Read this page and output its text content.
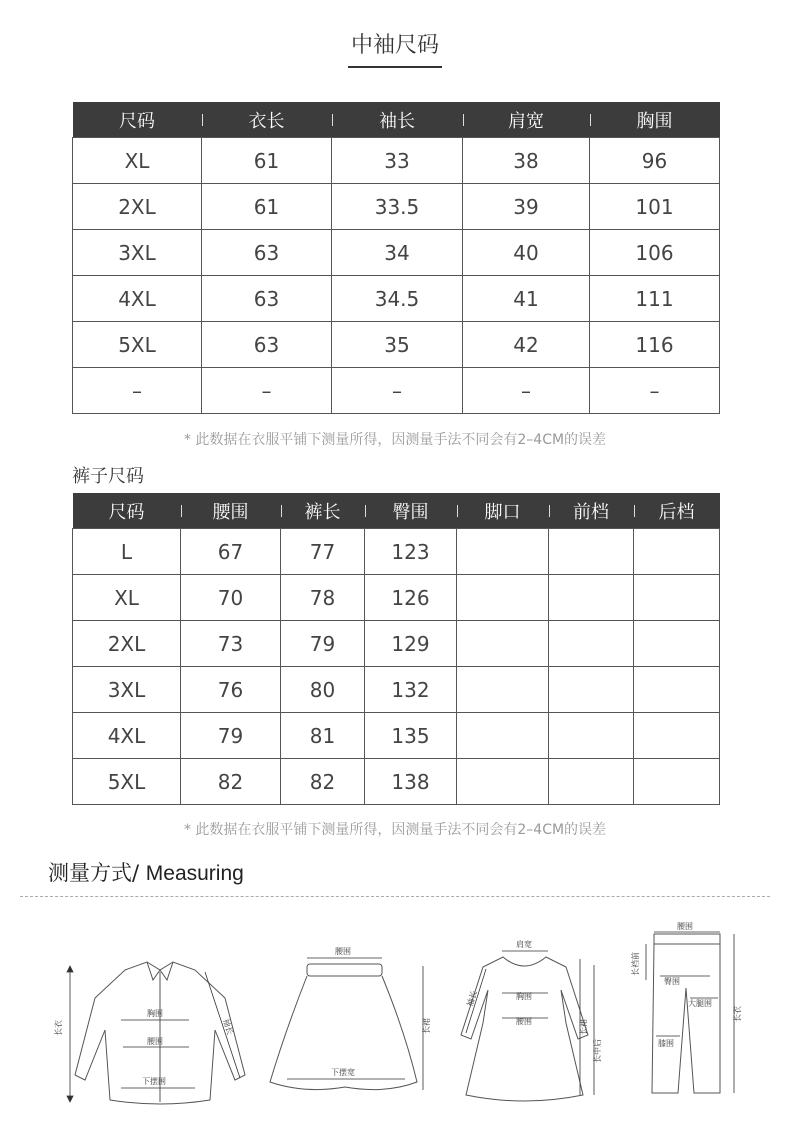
中袖尺码
尺码	衣长	袖长	肩宽	胸围
XL	61	33	38	96
2XL	61	33.5	39	101
3XL	63	34	40	106
4XL	63	34.5	41	111
5XL	63	35	42	116
–	–	–	–	–
* 此数据在衣服平铺下测量所得，因测量手法不同会有2–4CM的误差
裤子尺码
尺码	腰围	裤长	臀围	脚口	前档	后档
L	67	77	123			
XL	70	78	126			
2XL	73	79	129			
3XL	76	80	132			
4XL	79	81	135			
5XL	82	82	138			
* 此数据在衣服平铺下测量所得，因测量手法不同会有2–4CM的误差
测量方式/ Measuring
长衣
胸围
腰围
下摆围
袖长
腰围
长裙
下摆宽
肩宽
袖长	胸围
腰围	长裙
长中后
腰围
长裆前
臀围
大腿围
膝围
长衣
